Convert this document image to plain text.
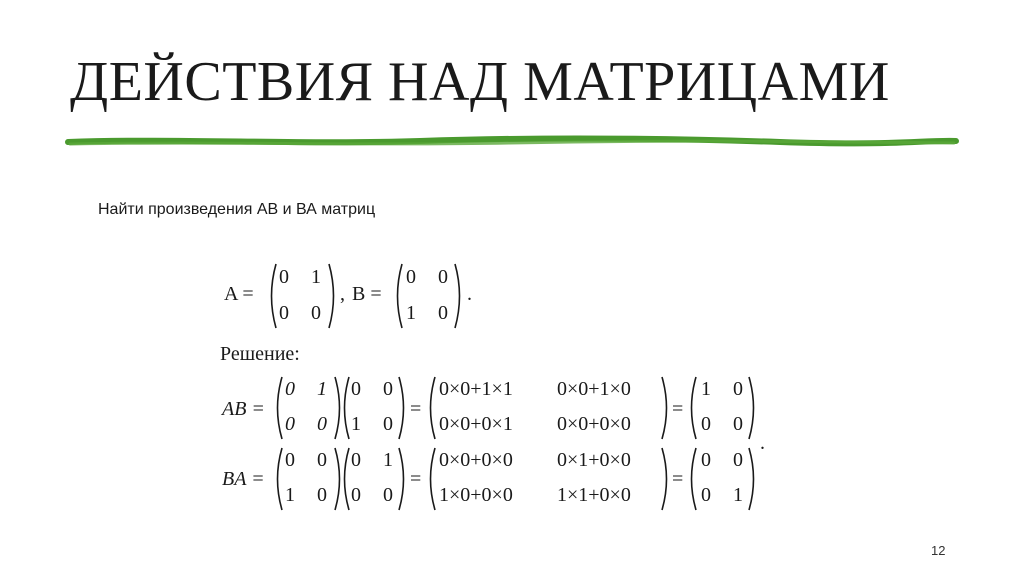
ДЕЙСТВИЯ НАД МАТРИЦАМИ
Найти произведения АВ и ВА матриц
A =
0 1
0 0
, B =
0 0
1 0
.
Решение:
AB =
0 1
0 0
0 0
1 0
=
0×0+1×1 0×0+1×0
0×0+0×1 0×0+0×0
=
1 0
0 0
.
BA =
0 0
1 0
0 1
0 0
=
0×0+0×0 0×1+0×0
1×0+0×0 1×1+0×0
=
0 0
0 1
12
